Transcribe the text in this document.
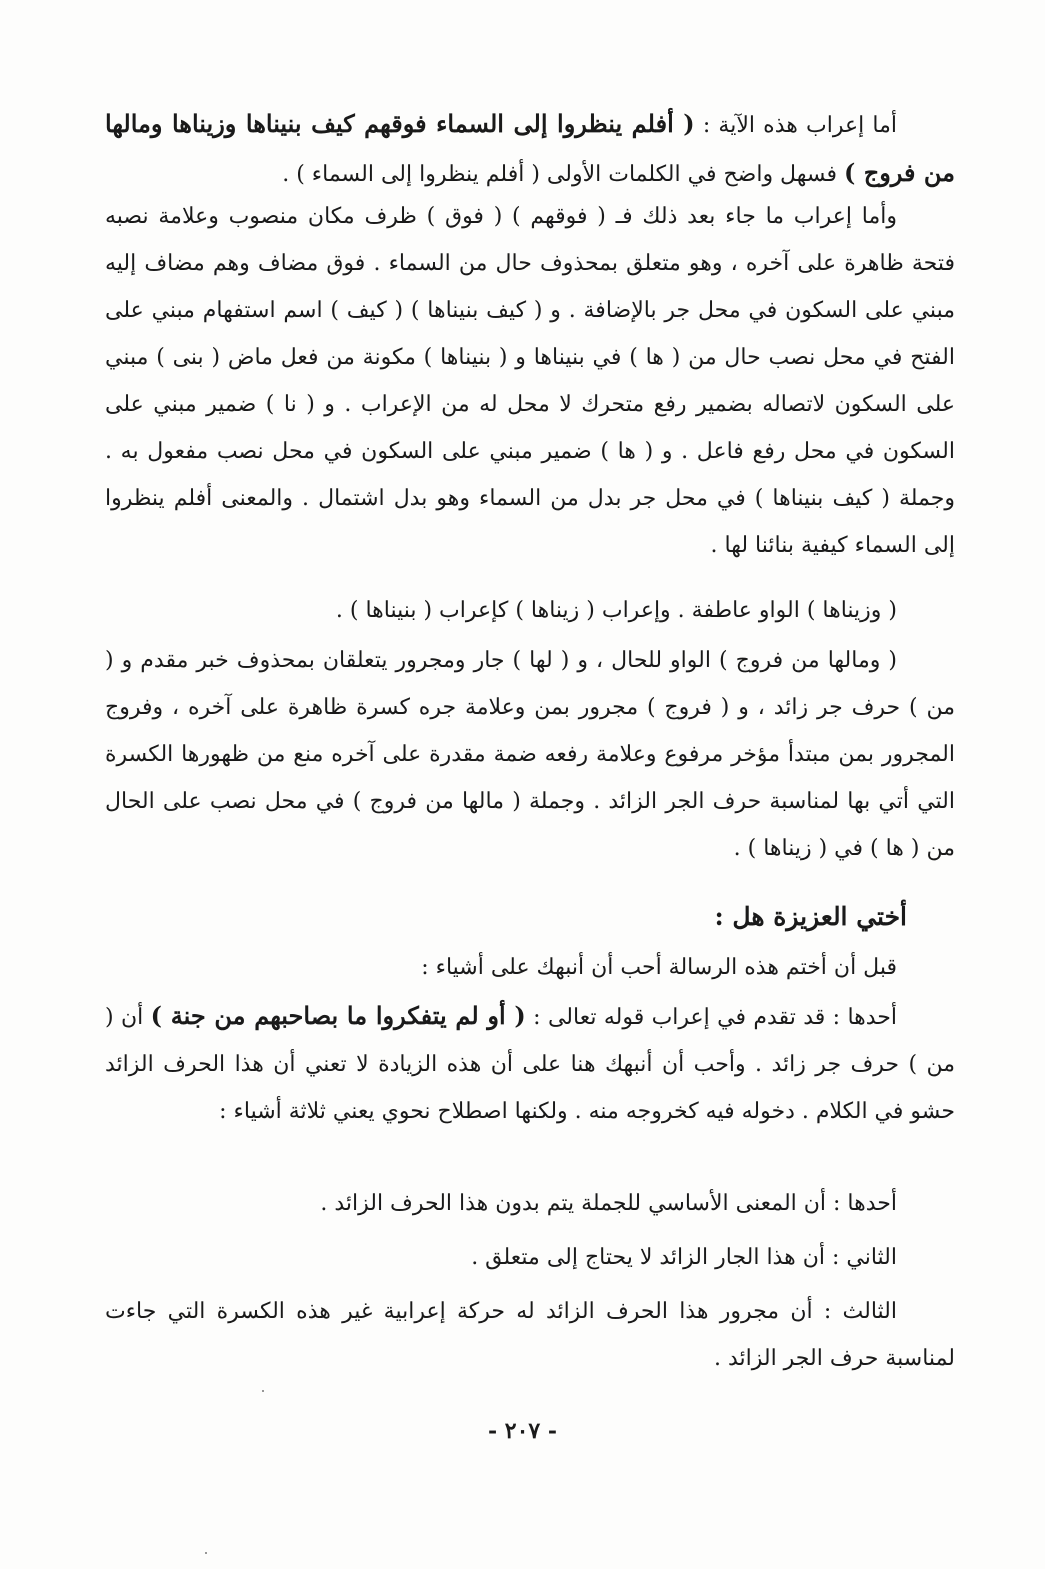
أما إعراب هذه الآية : ( أفلم ينظروا إلى السماء فوقهم كيف بنيناها وزيناها ومالها من فروج ) فسهل واضح في الكلمات الأولى ( أفلم ينظروا إلى السماء ) .

وأما إعراب ما جاء بعد ذلك فـ ( فوقهم ) ( فوق ) ظرف مكان منصوب وعلامة نصبه فتحة ظاهرة على آخره ، وهو متعلق بمحذوف حال من السماء . فوق مضاف وهم مضاف إليه مبني على السكون في محل جر بالإضافة . و ( كيف بنيناها ) ( كيف ) اسم استفهام مبني على الفتح في محل نصب حال من ( ها ) في بنيناها و ( بنيناها ) مكونة من فعل ماض ( بنى ) مبني على السكون لاتصاله بضمير رفع متحرك لا محل له من الإعراب . و ( نا ) ضمير مبني على السكون في محل رفع فاعل . و ( ها ) ضمير مبني على السكون في محل نصب مفعول به . وجملة ( كيف بنيناها ) في محل جر بدل من السماء وهو بدل اشتمال . والمعنى أفلم ينظروا إلى السماء كيفية بنائنا لها .

( وزيناها ) الواو عاطفة . وإعراب ( زيناها ) كإعراب ( بنيناها ) .

( ومالها من فروج ) الواو للحال ، و ( لها ) جار ومجرور يتعلقان بمحذوف خبر مقدم و ( من ) حرف جر زائد ، و ( فروج ) مجرور بمن وعلامة جره كسرة ظاهرة على آخره ، وفروج المجرور بمن مبتدأ مؤخر مرفوع وعلامة رفعه ضمة مقدرة على آخره منع من ظهورها الكسرة التي أتي بها لمناسبة حرف الجر الزائد . وجملة ( مالها من فروج ) في محل نصب على الحال من ( ها ) في ( زيناها ) .

أختي العزيزة هل :

قبل أن أختم هذه الرسالة أحب أن أنبهك على أشياء :

أحدها : قد تقدم في إعراب قوله تعالى : ( أو لم يتفكروا ما بصاحبهم من جنة ) أن ( من ) حرف جر زائد . وأحب أن أنبهك هنا على أن هذه الزيادة لا تعني أن هذا الحرف الزائد حشو في الكلام . دخوله فيه كخروجه منه . ولكنها اصطلاح نحوي يعني ثلاثة أشياء :

أحدها : أن المعنى الأساسي للجملة يتم بدون هذا الحرف الزائد .

الثاني : أن هذا الجار الزائد لا يحتاج إلى متعلق .

الثالث : أن مجرور هذا الحرف الزائد له حركة إعرابية غير هذه الكسرة التي جاءت لمناسبة حرف الجر الزائد .

- ٢٠٧ -
